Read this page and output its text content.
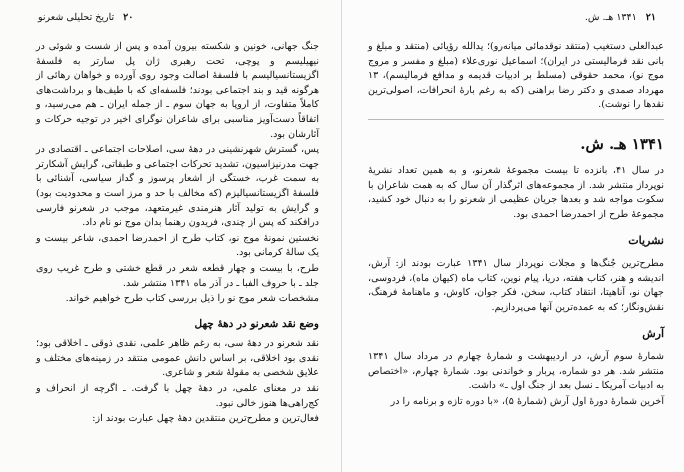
۲۰ تاریخ تحلیلی شعرنو

جنگ جهانی، خونین و شکسته بیرون آمده و پس از شست و شوئی در نیهیلیسم و پوچی، تحت رهبری ژان پل سارتر به فلسفهٔ اگزیستانسیالیسم با فلسفهٔ اصالت وجود روی آورده و خواهان رهائی از هرگونه قید و بند اجتماعی بودند؛ فلسفه‌ای که با طیف‌ها و برداشت‌های کاملاً متفاوت، از اروپا به جهان سوم ـ از جمله ایران ـ هم می‌رسید، و اتفاقاً دست‌آویز مناسبی برای شاعران نوگرای اخیر در توجیه حرکات و آثارشان بود.

پس، گسترش شهرنشینی در دههٔ سی، اصلاحات اجتماعی ـ اقتصادی در جهت مدرنیزاسیون، تشدید تحرکات اجتماعی و طبقاتی، گرایش آشکارتر به سمت غرب، خستگی از اشعار پرسوز و گداز سیاسی، آشنائی با فلسفهٔ اگزیستانسیالیزم (که مخالف با حد و مرز است و محدودیت بود) و گرایش به تولید آثار هنرمندی غیرمتعهد، موجب در شعرنو فارسی درافکند که پس از چندی، فریدون رهنما بدان موج نو نام داد.

نخستین نمونهٔ موج نو، کتاب طرح از احمدرضا احمدی، شاعر بیست و یک سالهٔ کرمانی بود.

طرح، با بیست و چهار قطعه شعر در قطع خشتی و طرح غریب روی جلد ـ با حروف الفبا ـ در آذر ماه ۱۳۴۱ منتشر شد.

مشخصات شعر موج نو را ذیل بررسی کتاب طرح خواهیم خواند.

وضع نقد شعرنو در دههٔ چهل

نقد شعرنو در دههٔ سی، به رغم ظاهر علمی، نقدی ذوقی ـ اخلاقی بود؛ نقدی بود اخلاقی، بر اساس دانش عمومی منتقد در زمینه‌های مختلف و علایق شخصی به مقولهٔ شعر و شاعری.

نقد در معنای علمی، در دههٔ چهل با گرفت. ـ اگرچه از انحراف و کج‌راهی‌ها هنوز خالی نبود.

فعال‌ترین و مطرح‌ترین منتقدین دههٔ چهل عبارت بودند از:

۲۱ ۱۳۴۱ هـ. ش.

عبدالعلی دستغیب (منتقد نوقدمائی میانه‌رو)؛ یدالله رؤیائی (منتقد و مبلغ و بانی نقد فرمالیستی در ایران)؛ اسماعیل نوری‌علاء (مبلغ و مفسر و مروج موج نو)، محمد حقوقی (مسلط بر ادبیات قدیمه و مدافع فرمالیسم)، ۱۳ مهرداد صمدی و دکتر رضا براهنی (که به رغم بارهٔ انحرافات، اصولی‌ترین نقدها را نوشت).

۱۳۴۱ هـ. ش.

در سال ۴۱، بانزده تا بیست مجموعهٔ شعرنو، و به همین تعداد نشریهٔ نوپرداز منتشر شد. از مجموعه‌های اثرگذار آن سال که به همت شاعران با سکوت مواجه شد و بعدها جریان عظیمی از شعرنو را به دنبال خود کشید، مجموعهٔ طرح از احمدرضا احمدی بود.

نشریات

مطرح‌ترین جُنگ‌ها و مجلات نوپرداز سال ۱۳۴۱ عبارت بودند از: آرش، اندیشه و هنر، کتاب هفته، دریا، پیام نوین، کتاب ماه (کیهان ماه)، فردوسی، جهان نو، آناهیتا، انتقاد کتاب، سخن، فکر جوان، کاوش، و ماهنامهٔ فرهنگ، نقش‌ونگار؛ که به عمده‌ترین آنها می‌پردازیم.

آرش

شمارهٔ سوم آرش، در اردیبهشت و شمارهٔ چهارم در مرداد سال ۱۳۴۱ منتشر شد. هر دو شماره، پربار و خواندنی بود. شمارهٔ چهارم، «اختصاص به ادبیات آمریکا ـ نسل بعد از جنگ اول ـ» داشت.

آخرین شمارهٔ دورهٔ اول آرش (شمارهٔ ۵)، «با دوره تازه و برنامه را در
